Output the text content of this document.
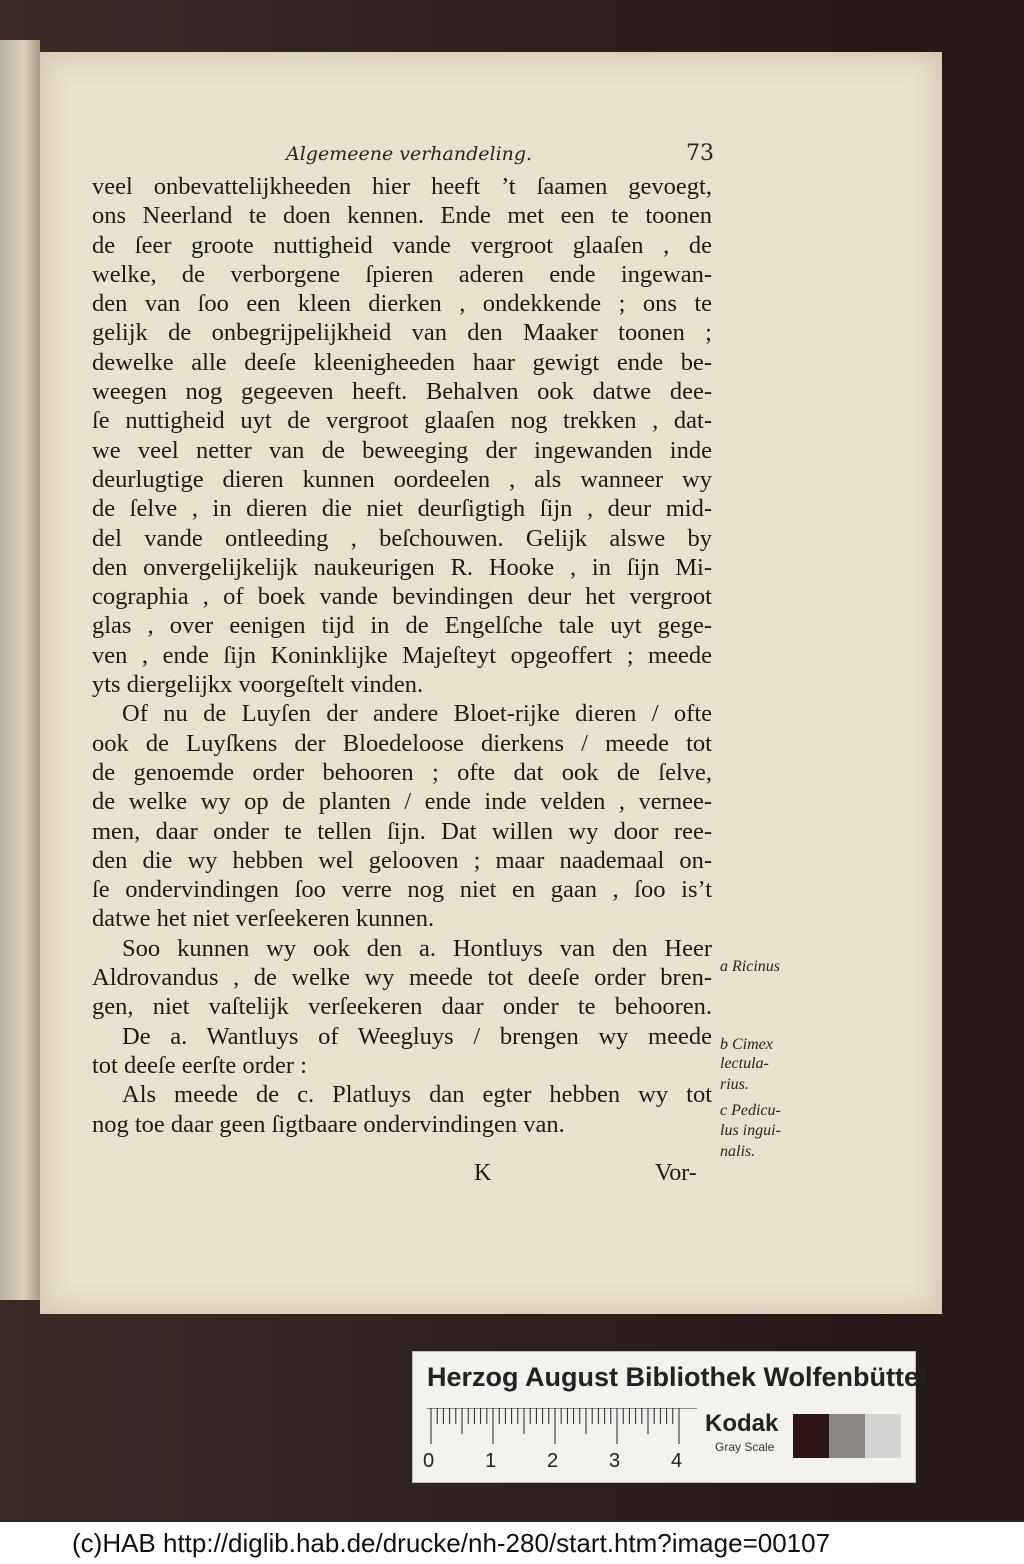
Algemeene verhandeling.	73
veel onbevattelijkheeden hier heeft ’t ſaamen gevoegt,
ons Neerland te doen kennen. Ende met een te toonen
de ſeer groote nuttigheid vande vergroot glaaſen , de
welke, de verborgene ſpieren aderen ende ingewan-
den van ſoo een kleen dierken , ondekkende ; ons te
gelijk de onbegrijpelijkheid van den Maaker toonen ;
dewelke alle deeſe kleenigheeden haar gewigt ende be-
weegen nog gegeeven heeft. Behalven ook datwe dee-
ſe nuttigheid uyt de vergroot glaaſen nog trekken , dat-
we veel netter van de beweeging der ingewanden inde
deurlugtige dieren kunnen oordeelen , als wanneer wy
de ſelve , in dieren die niet deurſigtigh ſijn , deur mid-
del vande ontleeding , beſchouwen. Gelijk alswe by
den onvergelijkelijk naukeurigen R. Hooke , in ſijn Mi-
cographia , of boek vande bevindingen deur het vergroot
glas , over eenigen tijd in de Engelſche tale uyt gege-
ven , ende ſijn Koninklijke Majeſteyt opgeoffert ; meede
yts diergelijkx voorgeſtelt vinden.
Of nu de Luyſen der andere Bloet-rijke dieren / ofte
ook de Luyſkens der Bloedeloose dierkens / meede tot
de genoemde order behooren ; ofte dat ook de ſelve,
de welke wy op de planten / ende inde velden , vernee-
men, daar onder te tellen ſijn. Dat willen wy door ree-
den die wy hebben wel gelooven ; maar naademaal on-
ſe ondervindingen ſoo verre nog niet en gaan , ſoo is’t
datwe het niet verſeekeren kunnen.
Soo kunnen wy ook den a. Hontluys van den Heer
Aldrovandus , de welke wy meede tot deeſe order bren-
gen, niet vaſtelijk verſeekeren daar onder te behooren.
De a. Wantluys of Weegluys / brengen wy meede
tot deeſe eerſte order :
Als meede de c. Platluys dan egter hebben wy tot
nog toe daar geen ſigtbaare ondervindingen van.
a Ricinus
b Cimex
lectula-
rius.
c Pedicu-
lus ingui-
nalis.
K	Vor-
Herzog August Bibliothek Wolfenbüttel
0	1	2	3	4
Kodak
Gray Scale
(c)HAB http://diglib.hab.de/drucke/nh-280/start.htm?image=00107
